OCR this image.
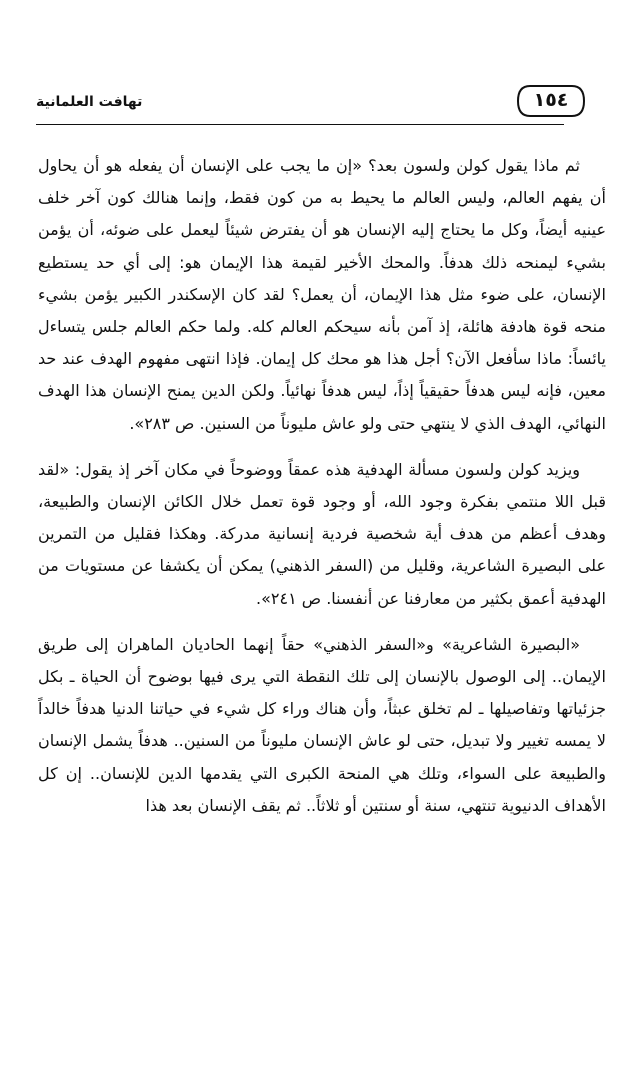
تهافت العلمانية	١٥٤

ثم ماذا يقول كولن ولسون بعد؟ «إن ما يجب على الإنسان أن يفعله هو أن يحاول أن يفهم العالم، وليس العالم ما يحيط به من كون فقط، وإنما هنالك كون آخر خلف عينيه أيضاً، وكل ما يحتاج إليه الإنسان هو أن يفترض شيئاً ليعمل على ضوئه، أن يؤمن بشيء ليمنحه ذلك هدفاً. والمحك الأخير لقيمة هذا الإيمان هو: إلى أي حد يستطيع الإنسان، على ضوء مثل هذا الإيمان، أن يعمل؟ لقد كان الإسكندر الكبير يؤمن بشيء منحه قوة هادفة هائلة، إذ آمن بأنه سيحكم العالم كله. ولما حكم العالم جلس يتساءل يائساً: ماذا سأفعل الآن؟ أجل هذا هو محك كل إيمان. فإذا انتهى مفهوم الهدف عند حد معين، فإنه ليس هدفاً حقيقياً إذاً، ليس هدفاً نهائياً. ولكن الدين يمنح الإنسان هذا الهدف النهائي، الهدف الذي لا ينتهي حتى ولو عاش مليوناً من السنين. ص ٢٨٣».

ويزيد كولن ولسون مسألة الهدفية هذه عمقاً ووضوحاً في مكان آخر إذ يقول: «لقد قبل اللا منتمي بفكرة وجود الله، أو وجود قوة تعمل خلال الكائن الإنسان والطبيعة، وهدف أعظم من هدف أية شخصية فردية إنسانية مدركة. وهكذا فقليل من التمرين على البصيرة الشاعرية، وقليل من (السفر الذهني) يمكن أن يكشفا عن مستويات من الهدفية أعمق بكثير من معارفنا عن أنفسنا. ص ٢٤١».

«البصيرة الشاعرية» و«السفر الذهني» حقاً إنهما الحاديان الماهران إلى طريق الإيمان.. إلى الوصول بالإنسان إلى تلك النقطة التي يرى فيها بوضوح أن الحياة ـ بكل جزئياتها وتفاصيلها ـ لم تخلق عبثاً، وأن هناك وراء كل شيء في حياتنا الدنيا هدفاً خالداً لا يمسه تغيير ولا تبديل، حتى لو عاش الإنسان مليوناً من السنين.. هدفاً يشمل الإنسان والطبيعة على السواء، وتلك هي المنحة الكبرى التي يقدمها الدين للإنسان.. إن كل الأهداف الدنيوية تنتهي، سنة أو سنتين أو ثلاثاً.. ثم يقف الإنسان بعد هذا
